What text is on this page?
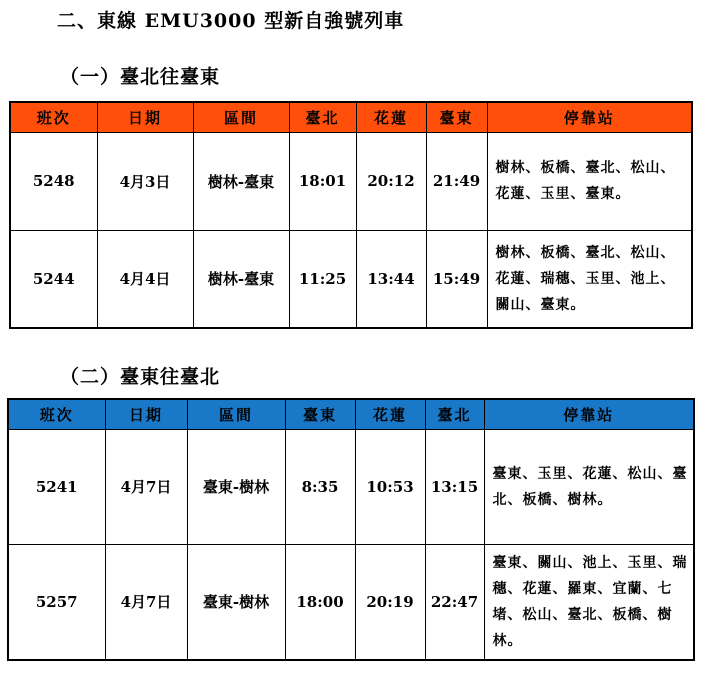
二、東線 EMU3000 型新自強號列車
（一）臺北往臺東
班次	日期	區間	臺北	花蓮	臺東	停靠站
5248	4月3日	樹林-臺東	18:01	20:12	21:49	樹林、板橋、臺北、松山、花蓮、玉里、臺東。
5244	4月4日	樹林-臺東	11:25	13:44	15:49	樹林、板橋、臺北、松山、花蓮、瑞穗、玉里、池上、關山、臺東。
（二）臺東往臺北
班次	日期	區間	臺東	花蓮	臺北	停靠站
5241	4月7日	臺東-樹林	8:35	10:53	13:15	臺東、玉里、花蓮、松山、臺北、板橋、樹林。
5257	4月7日	臺東-樹林	18:00	20:19	22:47	臺東、關山、池上、玉里、瑞穗、花蓮、羅東、宜蘭、七堵、松山、臺北、板橋、樹林。
